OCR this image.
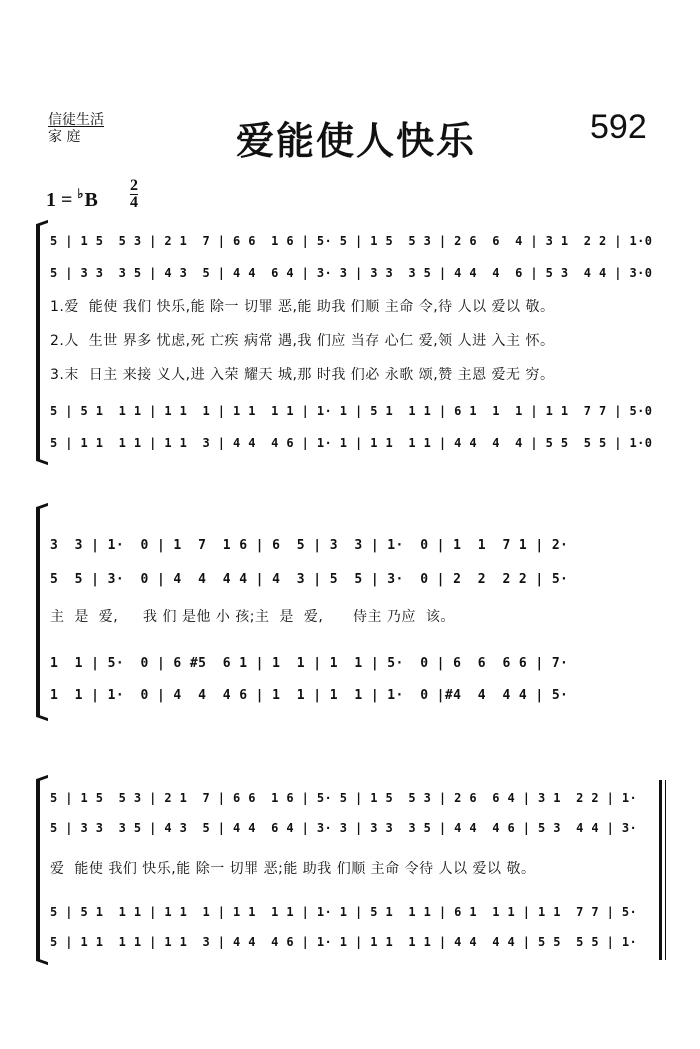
信徒生活
家 庭	爱能使人快乐	592
$1 = ^♭B \frac{2}{4}$
5 | 1 5  5 3 | 2 1  7 | 6 6  1 6 | 5· 5 | 1 5  5 3 | 2 6  6  4 | 3 1  2 2 | 1·0
5 | 3 3  3 5 | 4 3  5 | 4 4  6 4 | 3· 3 | 3 3  3 5 | 4 4  4  6 | 5 3  4 4 | 3·0
1.爱  能使 我们 快乐,能 除一 切罪 恶,能 助我 们顺 主命 令,待 人以 爱以 敬。
2.人  生世 界多 忧虑,死 亡疾 病常 遇,我 们应 当存 心仁 爱,领 人进 入主 怀。
3.末  日主 来接 义人,进 入荣 耀天 城,那 时我 们必 永歌 颂,赞 主恩 爱无 穷。
5 | 5 1  1 1 | 1 1  1 | 1 1  1 1 | 1· 1 | 5 1  1 1 | 6 1  1  1 | 1 1  7 7 | 5·0
5 | 1 1  1 1 | 1 1  3 | 4 4  4 6 | 1· 1 | 1 1  1 1 | 4 4  4  4 | 5 5  5 5 | 1·0
3  3 | 1·  0 | 1  7  1 6 | 6  5 | 3  3 | 1·  0 | 1  1  7 1 | 2·
5  5 | 3·  0 | 4  4  4 4 | 4  3 | 5  5 | 3·  0 | 2  2  2 2 | 5·
主  是  爱,     我 们 是他 小 孩;主  是  爱,      侍主 乃应  该。
1  1 | 5·  0 | 6 #5  6 1 | 1  1 | 1  1 | 5·  0 | 6  6  6 6 | 7·
1  1 | 1·  0 | 4  4  4 6 | 1  1 | 1  1 | 1·  0 |#4  4  4 4 | 5·
5 | 1 5  5 3 | 2 1  7 | 6 6  1 6 | 5· 5 | 1 5  5 3 | 2 6  6 4 | 3 1  2 2 | 1·
5 | 3 3  3 5 | 4 3  5 | 4 4  6 4 | 3· 3 | 3 3  3 5 | 4 4  4 6 | 5 3  4 4 | 3·
爱  能使 我们 快乐,能 除一 切罪 恶;能 助我 们顺 主命 令待 人以 爱以 敬。
5 | 5 1  1 1 | 1 1  1 | 1 1  1 1 | 1· 1 | 5 1  1 1 | 6 1  1 1 | 1 1  7 7 | 5·
5 | 1 1  1 1 | 1 1  3 | 4 4  4 6 | 1· 1 | 1 1  1 1 | 4 4  4 4 | 5 5  5 5 | 1·
